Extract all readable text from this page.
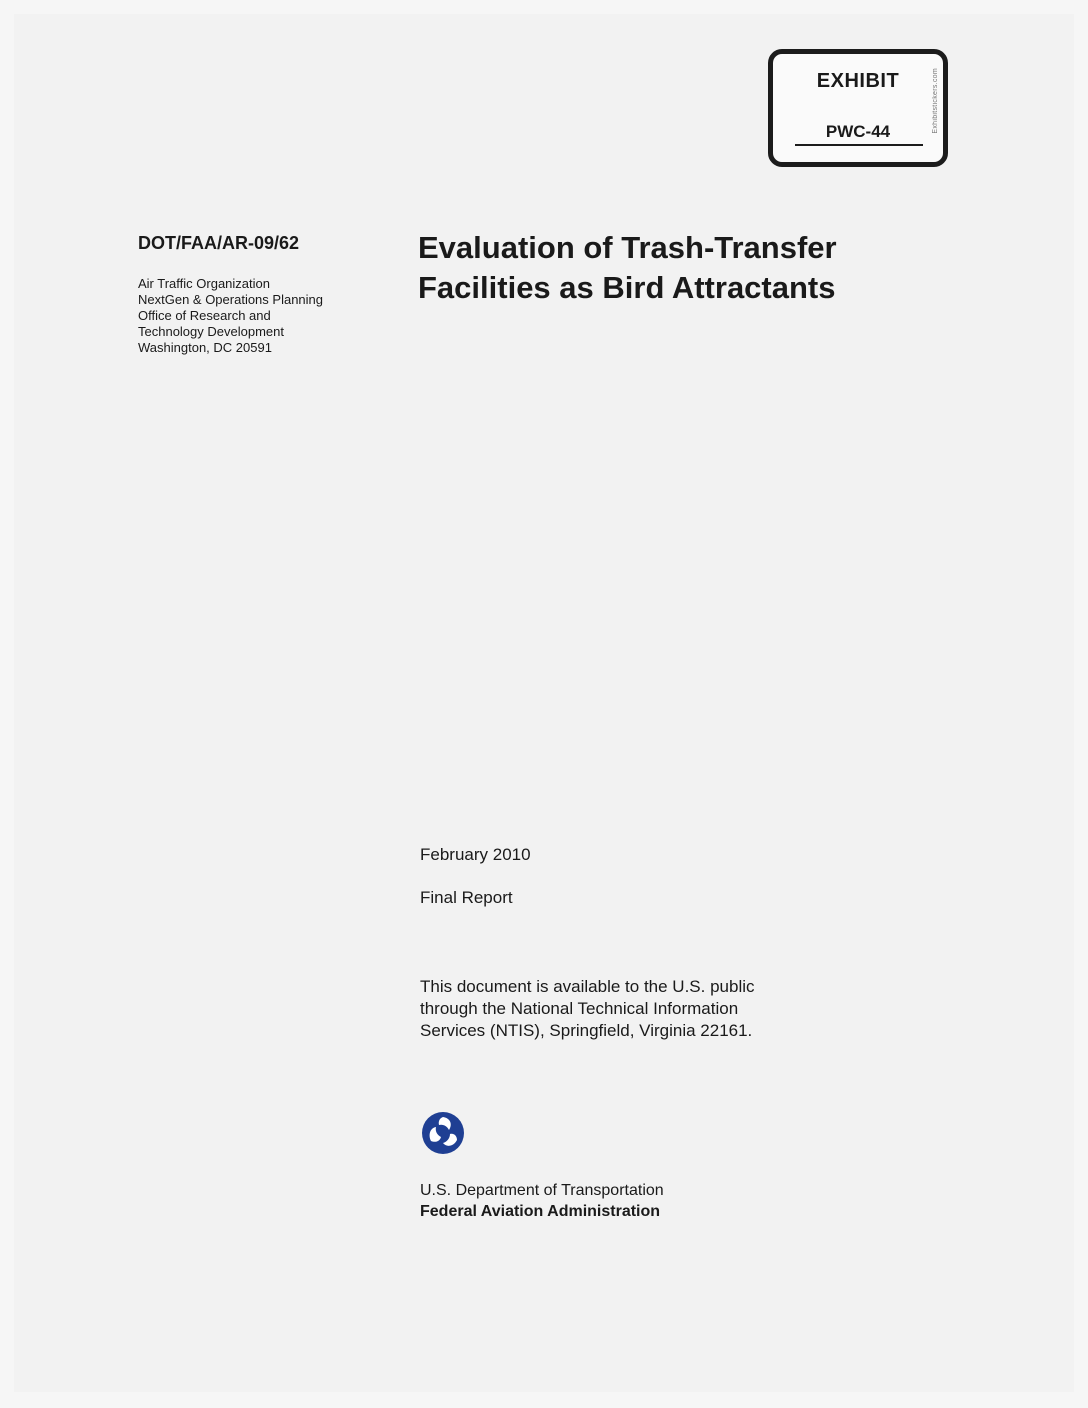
EXHIBIT
PWC-44	Exhibitstickers.com
DOT/FAA/AR-09/62
Air Traffic Organization
NextGen & Operations Planning
Office of Research and
Technology Development
Washington, DC 20591
Evaluation of Trash-Transfer
Facilities as Bird Attractants
February 2010
Final Report
This document is available to the U.S. public
through the National Technical Information
Services (NTIS), Springfield, Virginia 22161.
U.S. Department of Transportation
Federal Aviation Administration
